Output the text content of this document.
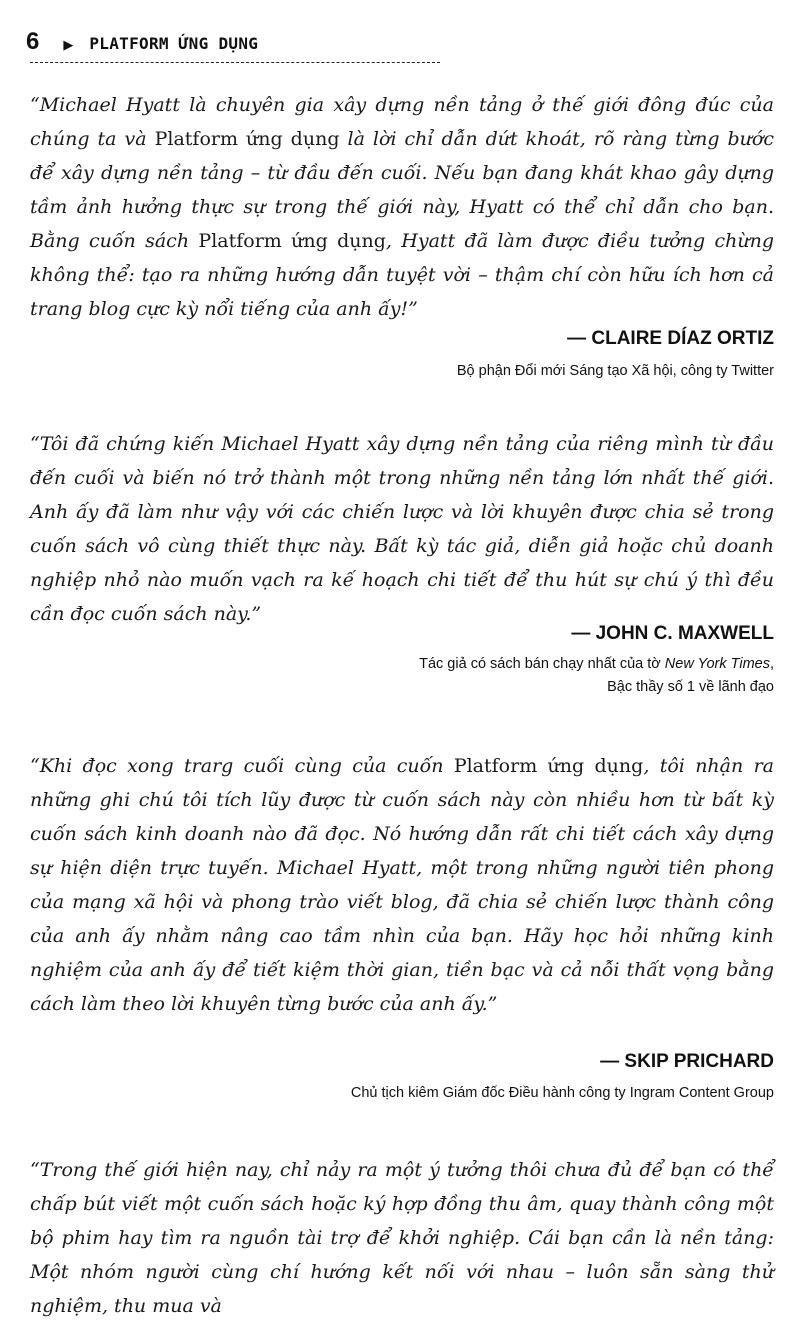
6 ▶ PLATFORM ỨNG DỤNG
“Michael Hyatt là chuyên gia xây dựng nền tảng ở thế giới đông đúc của chúng ta và Platform ứng dụng là lời chỉ dẫn dứt khoát, rõ ràng từng bước để xây dựng nền tảng – từ đầu đến cuối. Nếu bạn đang khát khao gây dựng tầm ảnh hưởng thực sự trong thế giới này, Hyatt có thể chỉ dẫn cho bạn. Bằng cuốn sách Platform ứng dụng, Hyatt đã làm được điều tưởng chừng không thể: tạo ra những hướng dẫn tuyệt vời – thậm chí còn hữu ích hơn cả trang blog cực kỳ nổi tiếng của anh ấy!”
— CLAIRE DÍAZ ORTIZ
Bộ phận Đổi mới Sáng tạo Xã hội, công ty Twitter
“Tôi đã chứng kiến Michael Hyatt xây dựng nền tảng của riêng mình từ đầu đến cuối và biến nó trở thành một trong những nền tảng lớn nhất thế giới. Anh ấy đã làm như vậy với các chiến lược và lời khuyên được chia sẻ trong cuốn sách vô cùng thiết thực này. Bất kỳ tác giả, diễn giả hoặc chủ doanh nghiệp nhỏ nào muốn vạch ra kế hoạch chi tiết để thu hút sự chú ý thì đều cần đọc cuốn sách này.”
— JOHN C. MAXWELL
Tác giả có sách bán chạy nhất của tờ New York Times,
Bậc thầy số 1 về lãnh đạo
“Khi đọc xong trarg cuối cùng của cuốn Platform ứng dụng, tôi nhận ra những ghi chú tôi tích lũy được từ cuốn sách này còn nhiều hơn từ bất kỳ cuốn sách kinh doanh nào đã đọc. Nó hướng dẫn rất chi tiết cách xây dựng sự hiện diện trực tuyến. Michael Hyatt, một trong những người tiên phong của mạng xã hội và phong trào viết blog, đã chia sẻ chiến lược thành công của anh ấy nhằm nâng cao tầm nhìn của bạn. Hãy học hỏi những kinh nghiệm của anh ấy để tiết kiệm thời gian, tiền bạc và cả nỗi thất vọng bằng cách làm theo lời khuyên từng bước của anh ấy.”
— SKIP PRICHARD
Chủ tịch kiêm Giám đốc Điều hành công ty Ingram Content Group
“Trong thế giới hiện nay, chỉ nảy ra một ý tưởng thôi chưa đủ để bạn có thể chấp bút viết một cuốn sách hoặc ký hợp đồng thu âm, quay thành công một bộ phim hay tìm ra nguồn tài trợ để khởi nghiệp. Cái bạn cần là nền tảng: Một nhóm người cùng chí hướng kết nối với nhau – luôn sẵn sàng thử nghiệm, thu mua và
